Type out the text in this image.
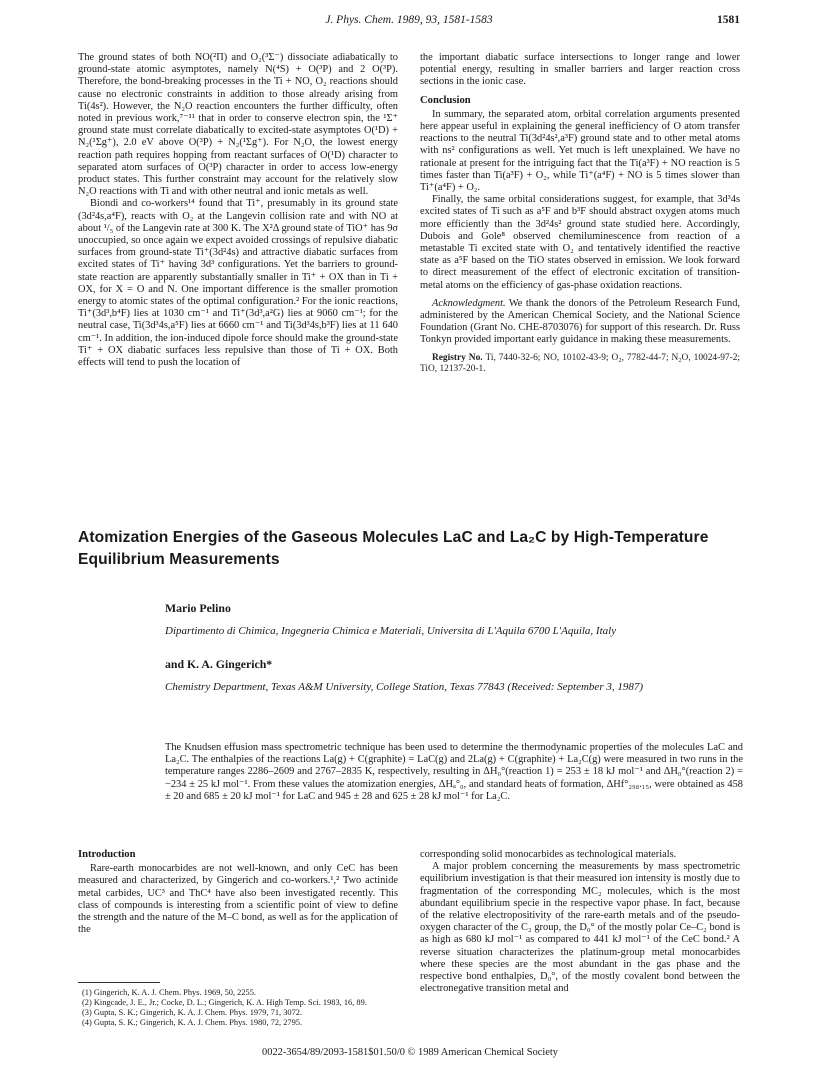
J. Phys. Chem. 1989, 93, 1581-1583	1581

The ground states of both NO(²Π) and O₂(³Σ⁻) dissociate adiabatically to ground-state atomic asymptotes, namely N(⁴S) + O(³P) and 2 O(³P). Therefore, the bond-breaking processes in the Ti + NO, O₂ reactions should cause no electronic constraints in addition to those already arising from Ti(4s²). However, the N₂O reaction encounters the further difficulty, often noted in previous work,⁷⁻¹¹ that in order to conserve electron spin, the ¹Σ⁺ ground state must correlate diabatically to excited-state asymptotes O(¹D) + N₂(¹Σg⁺), 2.0 eV above O(³P) + N₂(¹Σg⁺). For N₂O, the lowest energy reaction path requires hopping from reactant surfaces of O(¹D) character to separated atom surfaces of O(³P) character in order to access low-energy product states. This further constraint may account for the relatively slow N₂O reactions with Ti and with other neutral and ionic metals as well.

Biondi and co-workers¹⁴ found that Ti⁺, presumably in its ground state (3d²4s,a⁴F), reacts with O₂ at the Langevin collision rate and with NO at about ¹/₅ of the Langevin rate at 300 K. The X²Δ ground state of TiO⁺ has 9σ unoccupied, so once again we expect avoided crossings of repulsive diabatic surfaces from ground-state Ti⁺(3d²4s) and attractive diabatic surfaces from excited states of Ti⁺ having 3d³ configurations. Yet the barriers to ground-state reaction are apparently substantially smaller in Ti⁺ + OX than in Ti + OX, for X = O and N. One important difference is the smaller promotion energy to atomic states of the optimal configuration.² For the ionic reactions, Ti⁺(3d³,b⁴F) lies at 1030 cm⁻¹ and Ti⁺(3d³,a²G) lies at 9060 cm⁻¹; for the neutral case, Ti(3d³4s,a⁵F) lies at 6660 cm⁻¹ and Ti(3d³4s,b³F) lies at 11 640 cm⁻¹. In addition, the ion-induced dipole force should make the ground-state Ti⁺ + OX diabatic surfaces less repulsive than those of Ti + OX. Both effects will tend to push the location of

the important diabatic surface intersections to longer range and lower potential energy, resulting in smaller barriers and larger reaction cross sections in the ionic case.

Conclusion

In summary, the separated atom, orbital correlation arguments presented here appear useful in explaining the general inefficiency of O atom transfer reactions to the neutral Ti(3d²4s²,a³F) ground state and to other metal atoms with ns² configurations as well. Yet much is left unexplained. We have no rationale at present for the intriguing fact that the Ti(a³F) + NO reaction is 5 times faster than Ti(a³F) + O₂, while Ti⁺(a⁴F) + NO is 5 times slower than Ti⁺(a⁴F) + O₂.

Finally, the same orbital considerations suggest, for example, that 3d³4s excited states of Ti such as a⁵F and b³F should abstract oxygen atoms much more efficiently than the 3d²4s² ground state studied here. Accordingly, Dubois and Gole⁸ observed chemiluminescence from reaction of a metastable Ti excited state with O₂ and tentatively identified the reactive state as a⁵F based on the TiO states observed in emission. We look forward to direct measurement of the effect of electronic excitation of transition-metal atoms on the efficiency of gas-phase oxidation reactions.

Acknowledgment. We thank the donors of the Petroleum Research Fund, administered by the American Chemical Society, and the National Science Foundation (Grant No. CHE-8703076) for support of this research. Dr. Russ Tonkyn provided important early guidance in making these measurements.

Registry No. Ti, 7440-32-6; NO, 10102-43-9; O₂, 7782-44-7; N₂O, 10024-97-2; TiO, 12137-20-1.

Atomization Energies of the Gaseous Molecules LaC and La₂C by High-Temperature
Equilibrium Measurements
Mario Pelino
Dipartimento di Chimica, Ingegneria Chimica e Materiali, Universita di L'Aquila 6700 L'Aquila, Italy
and K. A. Gingerich*
Chemistry Department, Texas A&M University, College Station, Texas 77843 (Received: September 3, 1987)
The Knudsen effusion mass spectrometric technique has been used to determine the thermodynamic properties of the molecules LaC and La₂C. The enthalpies of the reactions La(g) + C(graphite) = LaC(g) and 2La(g) + C(graphite) + La₂C(g) were measured in two runs in the temperature ranges 2286–2609 and 2767–2835 K, respectively, resulting in ΔH₀°(reaction 1) = 253 ± 18 kJ mol⁻¹ and ΔH₀°(reaction 2) = −234 ± 25 kJ mol⁻¹. From these values the atomization energies, ΔHₐ°₀, and standard heats of formation, ΔHf°₂₉₈.₁₅, were obtained as 458 ± 20 and 685 ± 20 kJ mol⁻¹ for LaC and 945 ± 28 and 625 ± 28 kJ mol⁻¹ for La₂C.
Introduction

Rare-earth monocarbides are not well-known, and only CeC has been measured and characterized, by Gingerich and co-workers.¹,² Two actinide metal carbides, UC³ and ThC⁴ have also been investigated recently. This class of compounds is interesting from a scientific point of view to define the strength and the nature of the M–C bond, as well as for the application of the

corresponding solid monocarbides as technological materials.

A major problem concerning the measurements by mass spectrometric equilibrium investigation is that their measured ion intensity is mostly due to fragmentation of the corresponding MC₂ molecules, which is the most abundant equilibrium specie in the respective vapor phase. In fact, because of the relative electropositivity of the rare-earth metals and of the pseudo-oxygen character of the C₂ group, the D₀° of the mostly polar Ce–C₂ bond is as high as 680 kJ mol⁻¹ as compared to 441 kJ mol⁻¹ of the CeC bond.² A reverse situation characterizes the platinum-group metal monocarbides where these species are the most abundant in the gas phase and the respective bond enthalpies, D₀°, of the mostly covalent bond between the electronegative transition metal and

(1) Gingerich, K. A. J. Chem. Phys. 1969, 50, 2255.
(2) Kingcade, J. E., Jr.; Cocke, D. L.; Gingerich, K. A. High Temp. Sci. 1983, 16, 89.
(3) Gupta, S. K.; Gingerich, K. A. J. Chem. Phys. 1979, 71, 3072.
(4) Gupta, S. K.; Gingerich, K. A. J. Chem. Phys. 1980, 72, 2795.
0022-3654/89/2093-1581$01.50/0 © 1989 American Chemical Society
